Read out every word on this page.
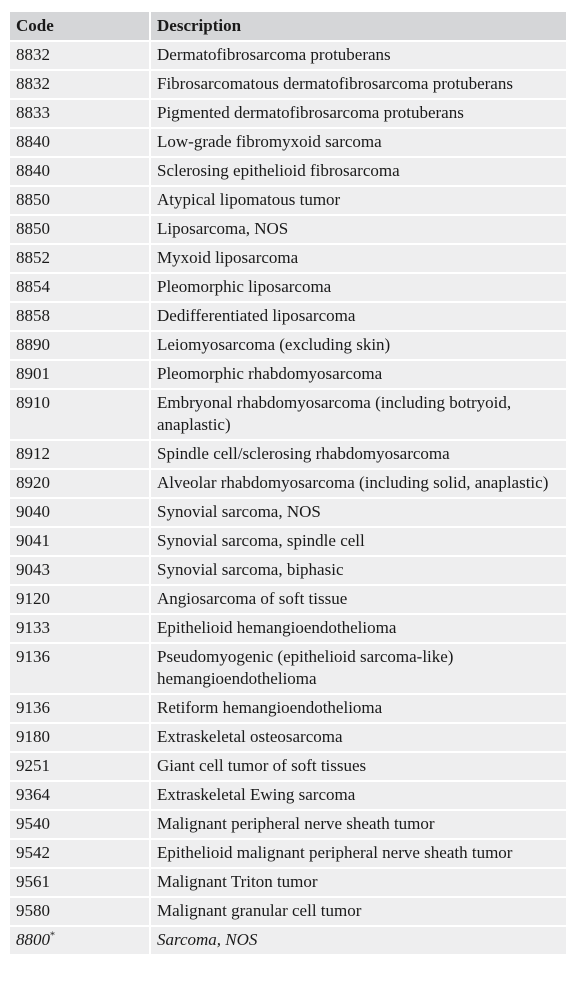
Code	Description
8832	Dermatofibrosarcoma protuberans
8832	Fibrosarcomatous dermatofibrosarcoma protuberans
8833	Pigmented dermatofibrosarcoma protuberans
8840	Low-grade fibromyxoid sarcoma
8840	Sclerosing epithelioid fibrosarcoma
8850	Atypical lipomatous tumor
8850	Liposarcoma, NOS
8852	Myxoid liposarcoma
8854	Pleomorphic liposarcoma
8858	Dedifferentiated liposarcoma
8890	Leiomyosarcoma (excluding skin)
8901	Pleomorphic rhabdomyosarcoma
8910	Embryonal rhabdomyosarcoma (including botryoid, anaplastic)
8912	Spindle cell/sclerosing rhabdomyosarcoma
8920	Alveolar rhabdomyosarcoma (including solid, anaplastic)
9040	Synovial sarcoma, NOS
9041	Synovial sarcoma, spindle cell
9043	Synovial sarcoma, biphasic
9120	Angiosarcoma of soft tissue
9133	Epithelioid hemangioendothelioma
9136	Pseudomyogenic (epithelioid sarcoma-like) hemangioendothelioma
9136	Retiform hemangioendothelioma
9180	Extraskeletal osteosarcoma
9251	Giant cell tumor of soft tissues
9364	Extraskeletal Ewing sarcoma
9540	Malignant peripheral nerve sheath tumor
9542	Epithelioid malignant peripheral nerve sheath tumor
9561	Malignant Triton tumor
9580	Malignant granular cell tumor
8800*	Sarcoma, NOS
